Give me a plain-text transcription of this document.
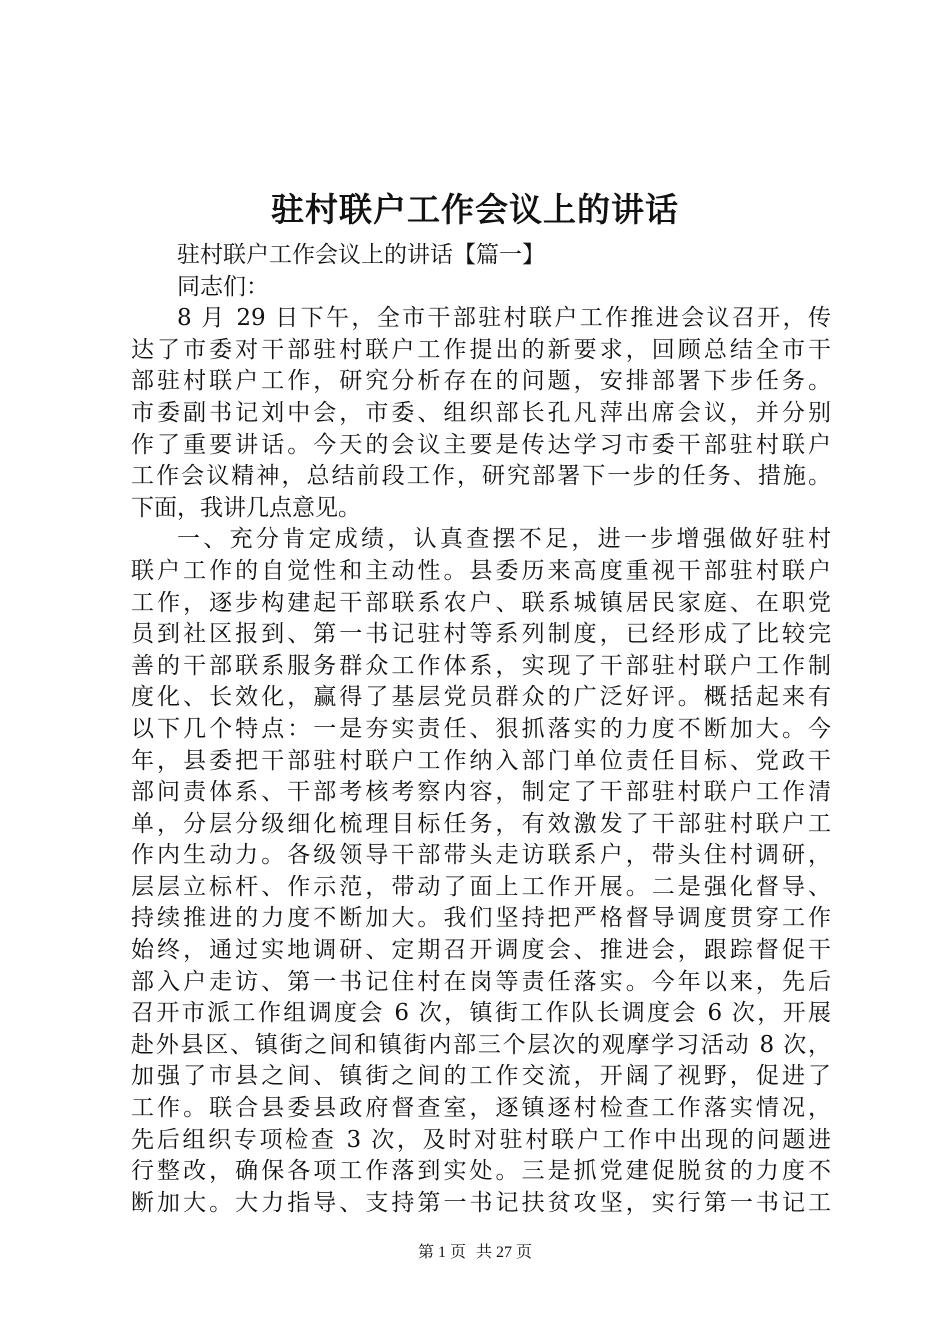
驻村联户工作会议上的讲话
驻村联户工作会议上的讲话【篇一】
同志们：
8 月 29 日下午，全市干部驻村联户工作推进会议召开，传
达了市委对干部驻村联户工作提出的新要求，回顾总结全市干
部驻村联户工作，研究分析存在的问题，安排部署下步任务。
市委副书记刘中会，市委、组织部长孔凡萍出席会议，并分别
作了重要讲话。今天的会议主要是传达学习市委干部驻村联户
工作会议精神，总结前段工作，研究部署下一步的任务、措施。
下面，我讲几点意见。
一、充分肯定成绩，认真查摆不足，进一步增强做好驻村
联户工作的自觉性和主动性。县委历来高度重视干部驻村联户
工作，逐步构建起干部联系农户、联系城镇居民家庭、在职党
员到社区报到、第一书记驻村等系列制度，已经形成了比较完
善的干部联系服务群众工作体系，实现了干部驻村联户工作制
度化、长效化，赢得了基层党员群众的广泛好评。概括起来有
以下几个特点：一是夯实责任、狠抓落实的力度不断加大。今
年，县委把干部驻村联户工作纳入部门单位责任目标、党政干
部问责体系、干部考核考察内容，制定了干部驻村联户工作清
单，分层分级细化梳理目标任务，有效激发了干部驻村联户工
作内生动力。各级领导干部带头走访联系户，带头住村调研，
层层立标杆、作示范，带动了面上工作开展。二是强化督导、
持续推进的力度不断加大。我们坚持把严格督导调度贯穿工作
始终，通过实地调研、定期召开调度会、推进会，跟踪督促干
部入户走访、第一书记住村在岗等责任落实。今年以来，先后
召开市派工作组调度会 6 次，镇街工作队长调度会 6 次，开展
赴外县区、镇街之间和镇街内部三个层次的观摩学习活动 8 次，
加强了市县之间、镇街之间的工作交流，开阔了视野，促进了
工作。联合县委县政府督查室，逐镇逐村检查工作落实情况，
先后组织专项检查 3 次，及时对驻村联户工作中出现的问题进
行整改，确保各项工作落到实处。三是抓党建促脱贫的力度不
断加大。大力指导、支持第一书记扶贫攻坚，实行第一书记工
第 1 页 共 27 页
